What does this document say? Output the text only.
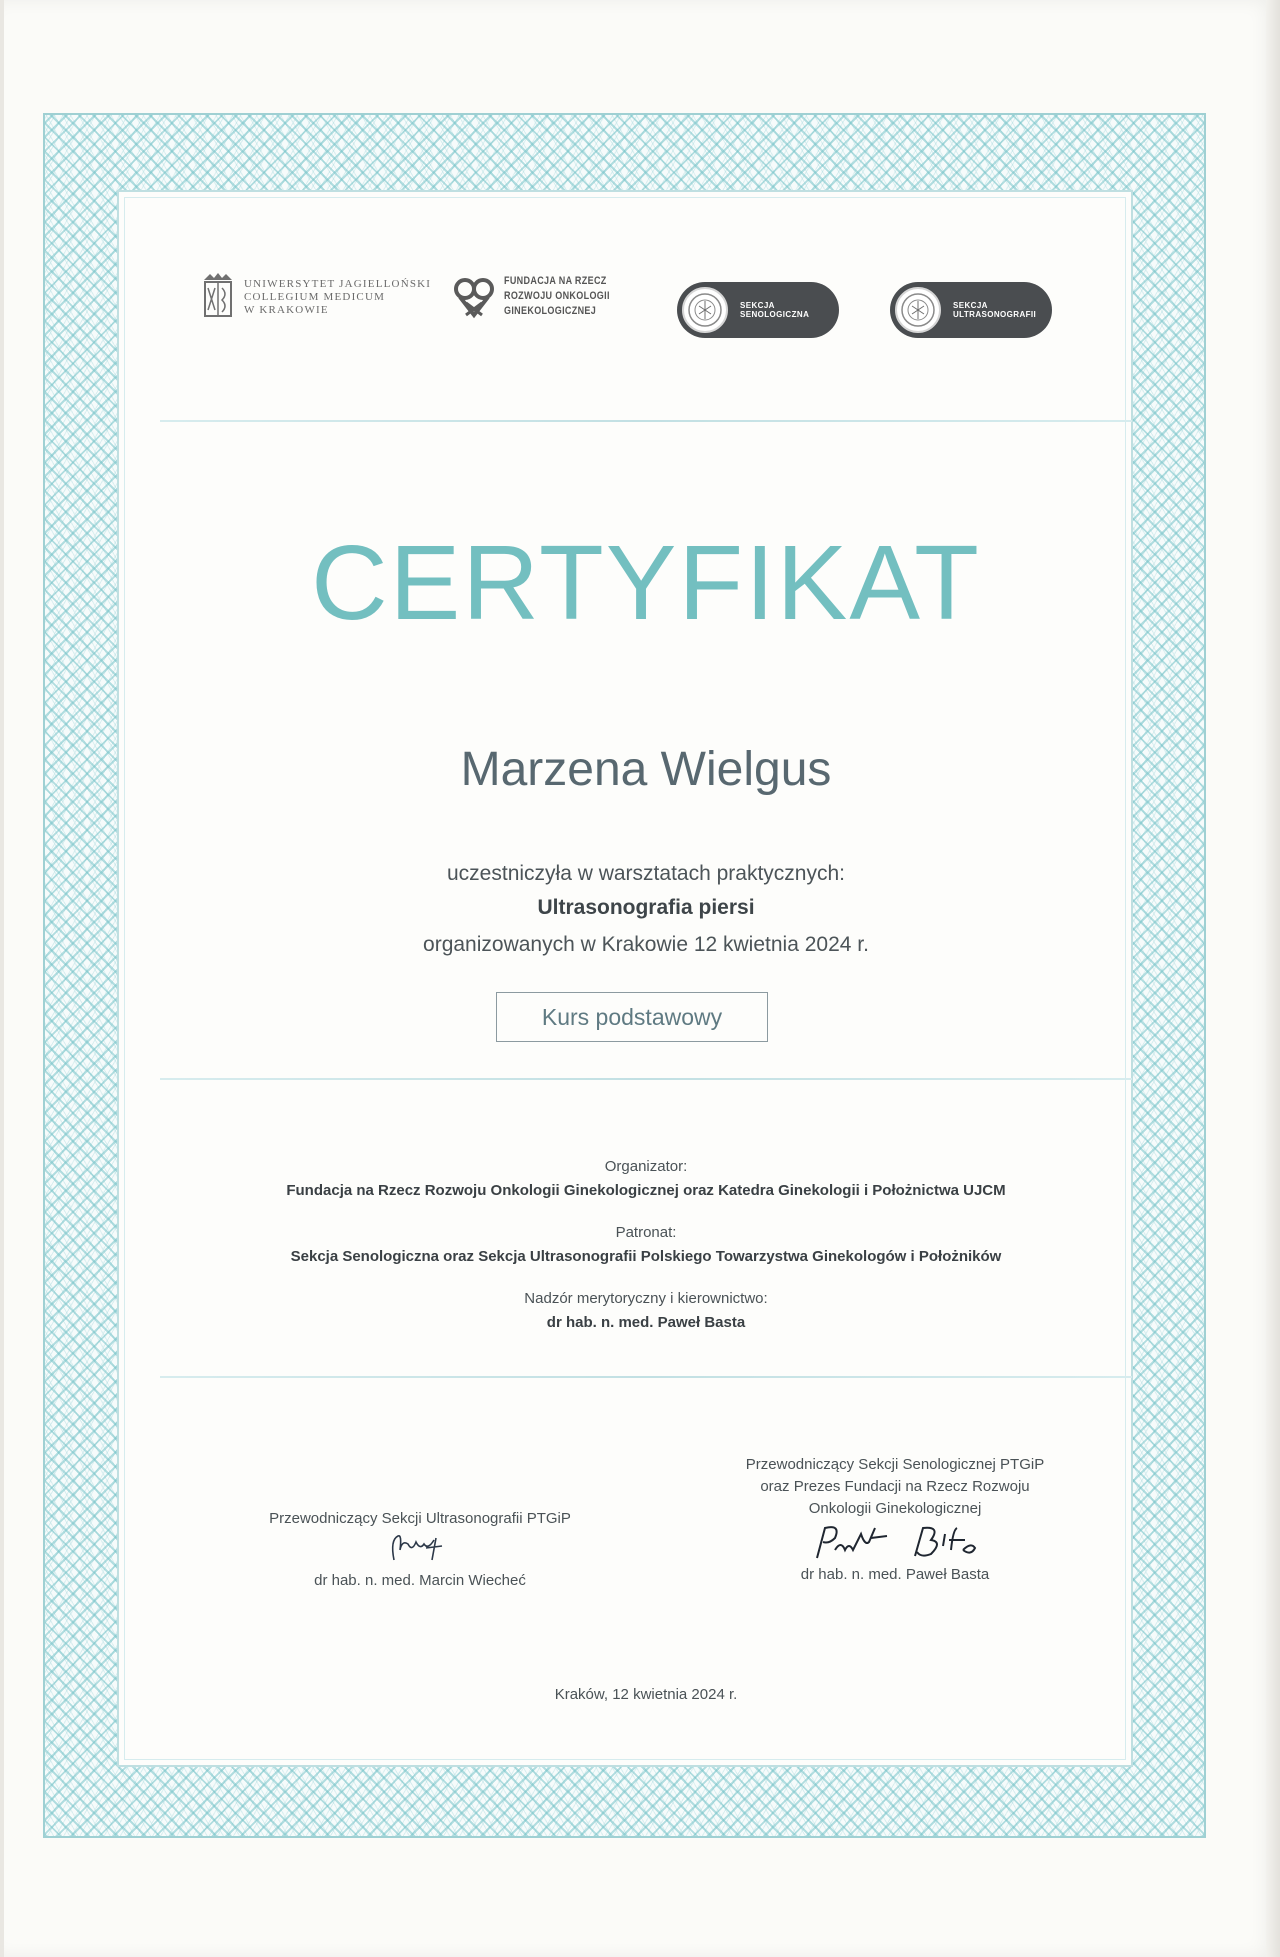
UNIWERSYTET JAGIELLOŃSKI
COLLEGIUM MEDICUM
W KRAKOWIE
FUNDACJA NA RZECZ
ROZWOJU ONKOLOGII
GINEKOLOGICZNEJ	SEKCJA
SENOLOGICZNA
SEKCJA
ULTRASONOGRAFII
CERTYFIKAT
Marzena Wielgus
uczestniczyła w warsztatach praktycznych:
Ultrasonografia piersi
organizowanych w Krakowie 12 kwietnia 2024 r.
Kurs podstawowy
Organizator:
Fundacja na Rzecz Rozwoju Onkologii Ginekologicznej oraz Katedra Ginekologii i Położnictwa UJCM
Patronat:
Sekcja Senologiczna oraz Sekcja Ultrasonografii Polskiego Towarzystwa Ginekologów i Położników
Nadzór merytoryczny i kierownictwo:
dr hab. n. med. Paweł Basta
Przewodniczący Sekcji Ultrasonografii PTGiP
dr hab. n. med. Marcin Wiecheć
Przewodniczący Sekcji Senologicznej PTGiP
oraz Prezes Fundacji na Rzecz Rozwoju
Onkologii Ginekologicznej
dr hab. n. med. Paweł Basta
Kraków, 12 kwietnia 2024 r.
